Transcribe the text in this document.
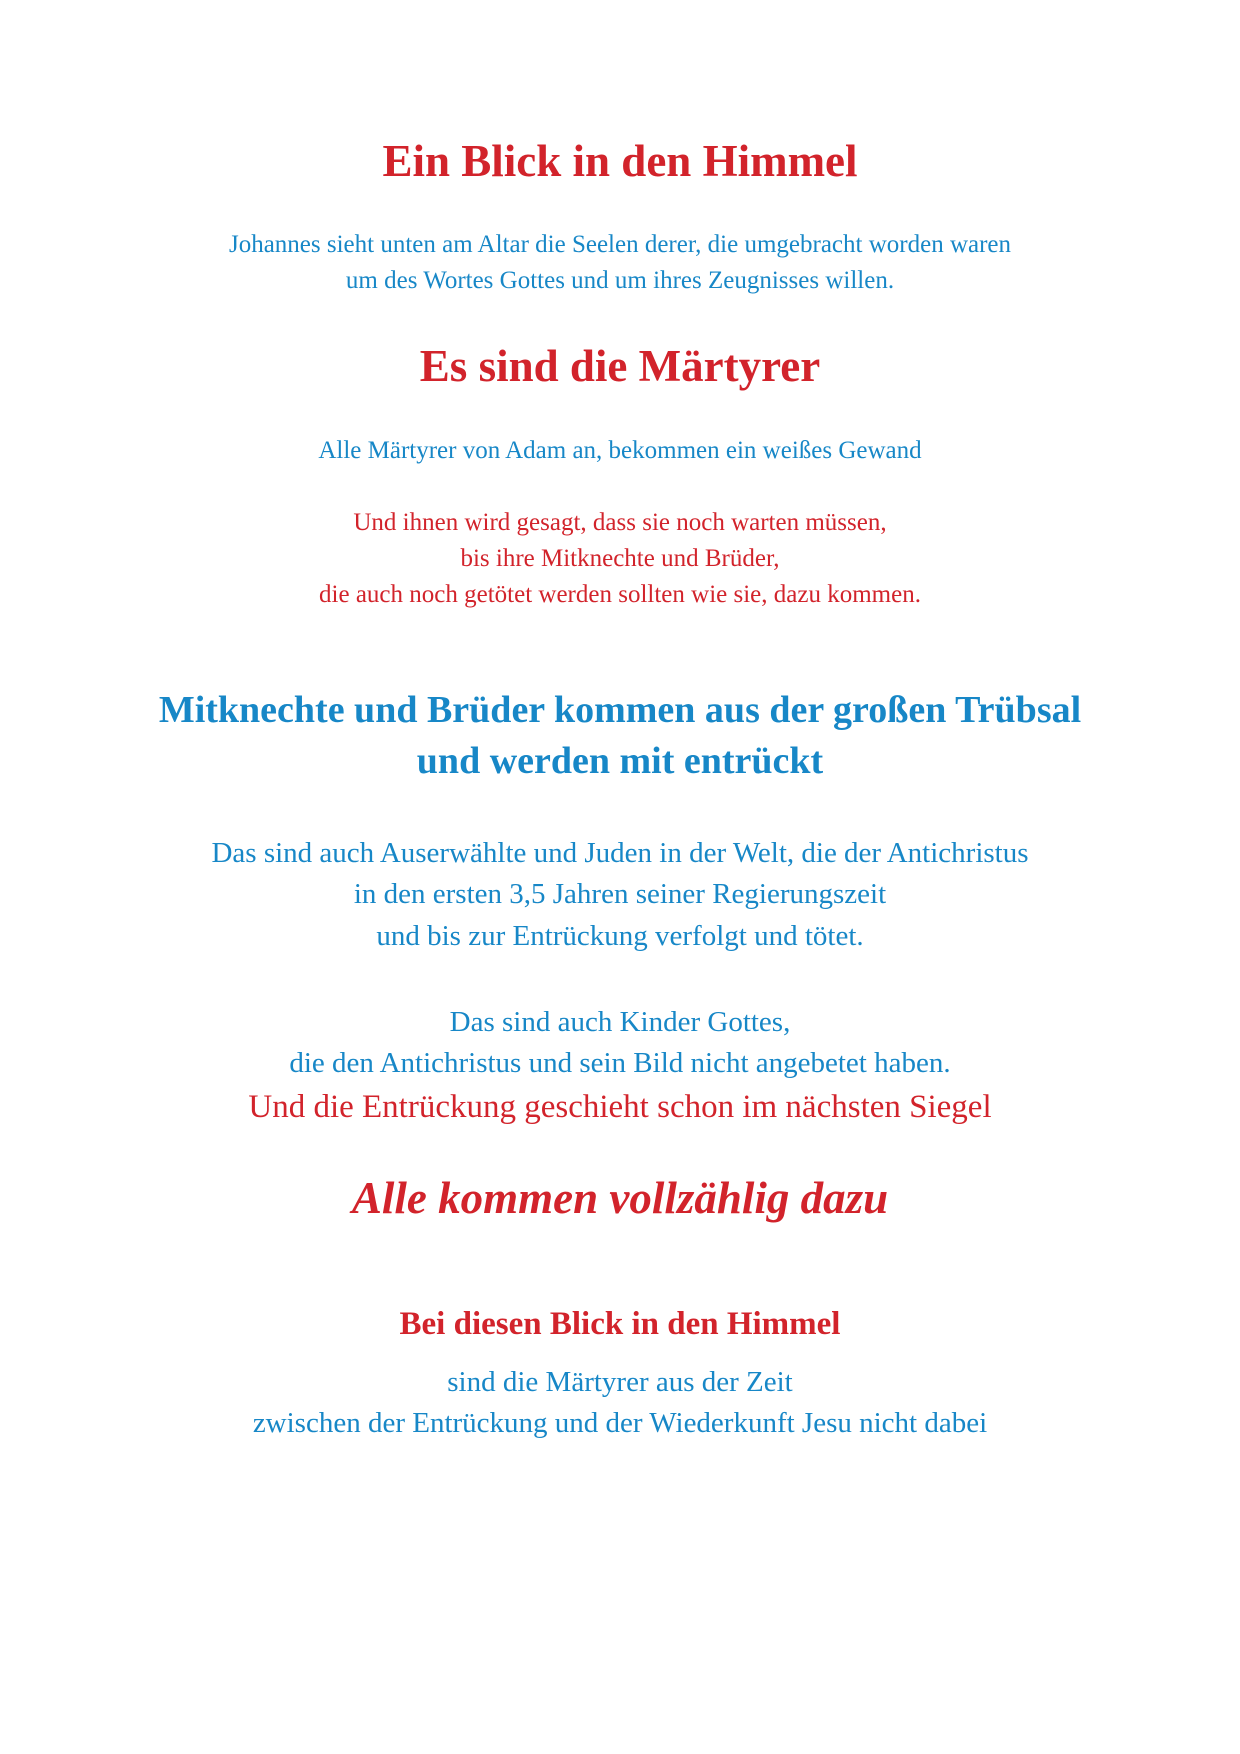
Ein Blick in den Himmel
Johannes sieht unten am Altar die Seelen derer, die umgebracht worden waren
um des Wortes Gottes und um ihres Zeugnisses willen.
Es sind die Märtyrer
Alle Märtyrer von Adam an, bekommen ein weißes Gewand
Und ihnen wird gesagt, dass sie noch warten müssen,
bis ihre Mitknechte und Brüder,
die auch noch getötet werden sollten wie sie, dazu kommen.
Mitknechte und Brüder kommen aus der großen Trübsal
und werden mit entrückt
Das sind auch Auserwählte und Juden in der Welt, die der Antichristus
in den ersten 3,5 Jahren seiner Regierungszeit
und bis zur Entrückung verfolgt und tötet.
Das sind auch Kinder Gottes,
die den Antichristus und sein Bild nicht angebetet haben.
Und die Entrückung geschieht schon im nächsten Siegel
Alle kommen vollzählig dazu
Bei diesen Blick in den Himmel
sind die Märtyrer aus der Zeit
zwischen der Entrückung und der Wiederkunft Jesu nicht dabei
